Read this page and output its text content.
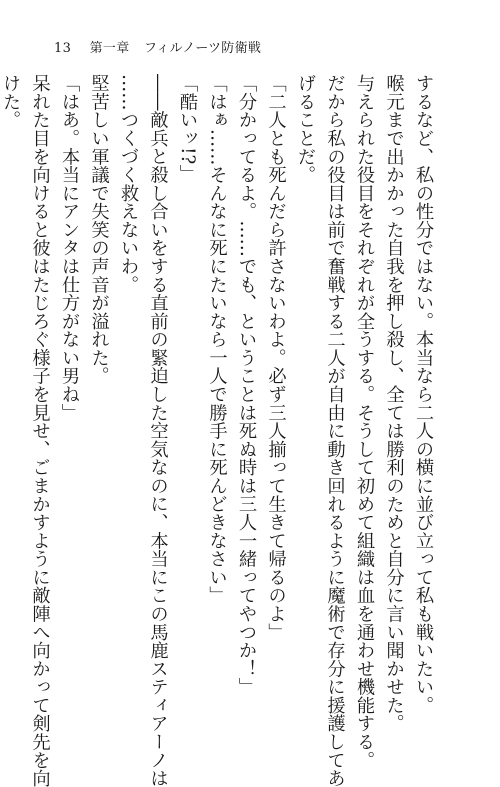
13 第一章 フィルノーツ防衛戦
するなど、私の性分ではない。本当なら二人の横に並び立って私も戦いたい。
喉元まで出かかった自我を押し殺し、全ては勝利のためと自分に言い聞かせた。
与えられた役目をそれぞれが全うする。そうして初めて組織は血を通わせ機能する。
だから私の役目は前で奮戦する二人が自由に動き回れるように魔術で存分に援護してあ
げることだ。
「二人とも死んだら許さないわよ。必ず三人揃って生きて帰るのよ」
「分かってるよ。……でも、ということは死ぬ時は三人一緒ってやつか！」
「はぁ……そんなに死にたいなら一人で勝手に死んどきなさい」
「酷いッ!?」
――敵兵と殺し合いをする直前の緊迫した空気なのに、本当にこの馬鹿スティアーノは
……つくづく救えないわ。
堅苦しい軍議で失笑の声音が溢れた。
「はあ。本当にアンタは仕方がない男ね」
呆れた目を向けると彼はたじろぐ様子を見せ、ごまかすように敵陣へ向かって剣先を向
けた。
